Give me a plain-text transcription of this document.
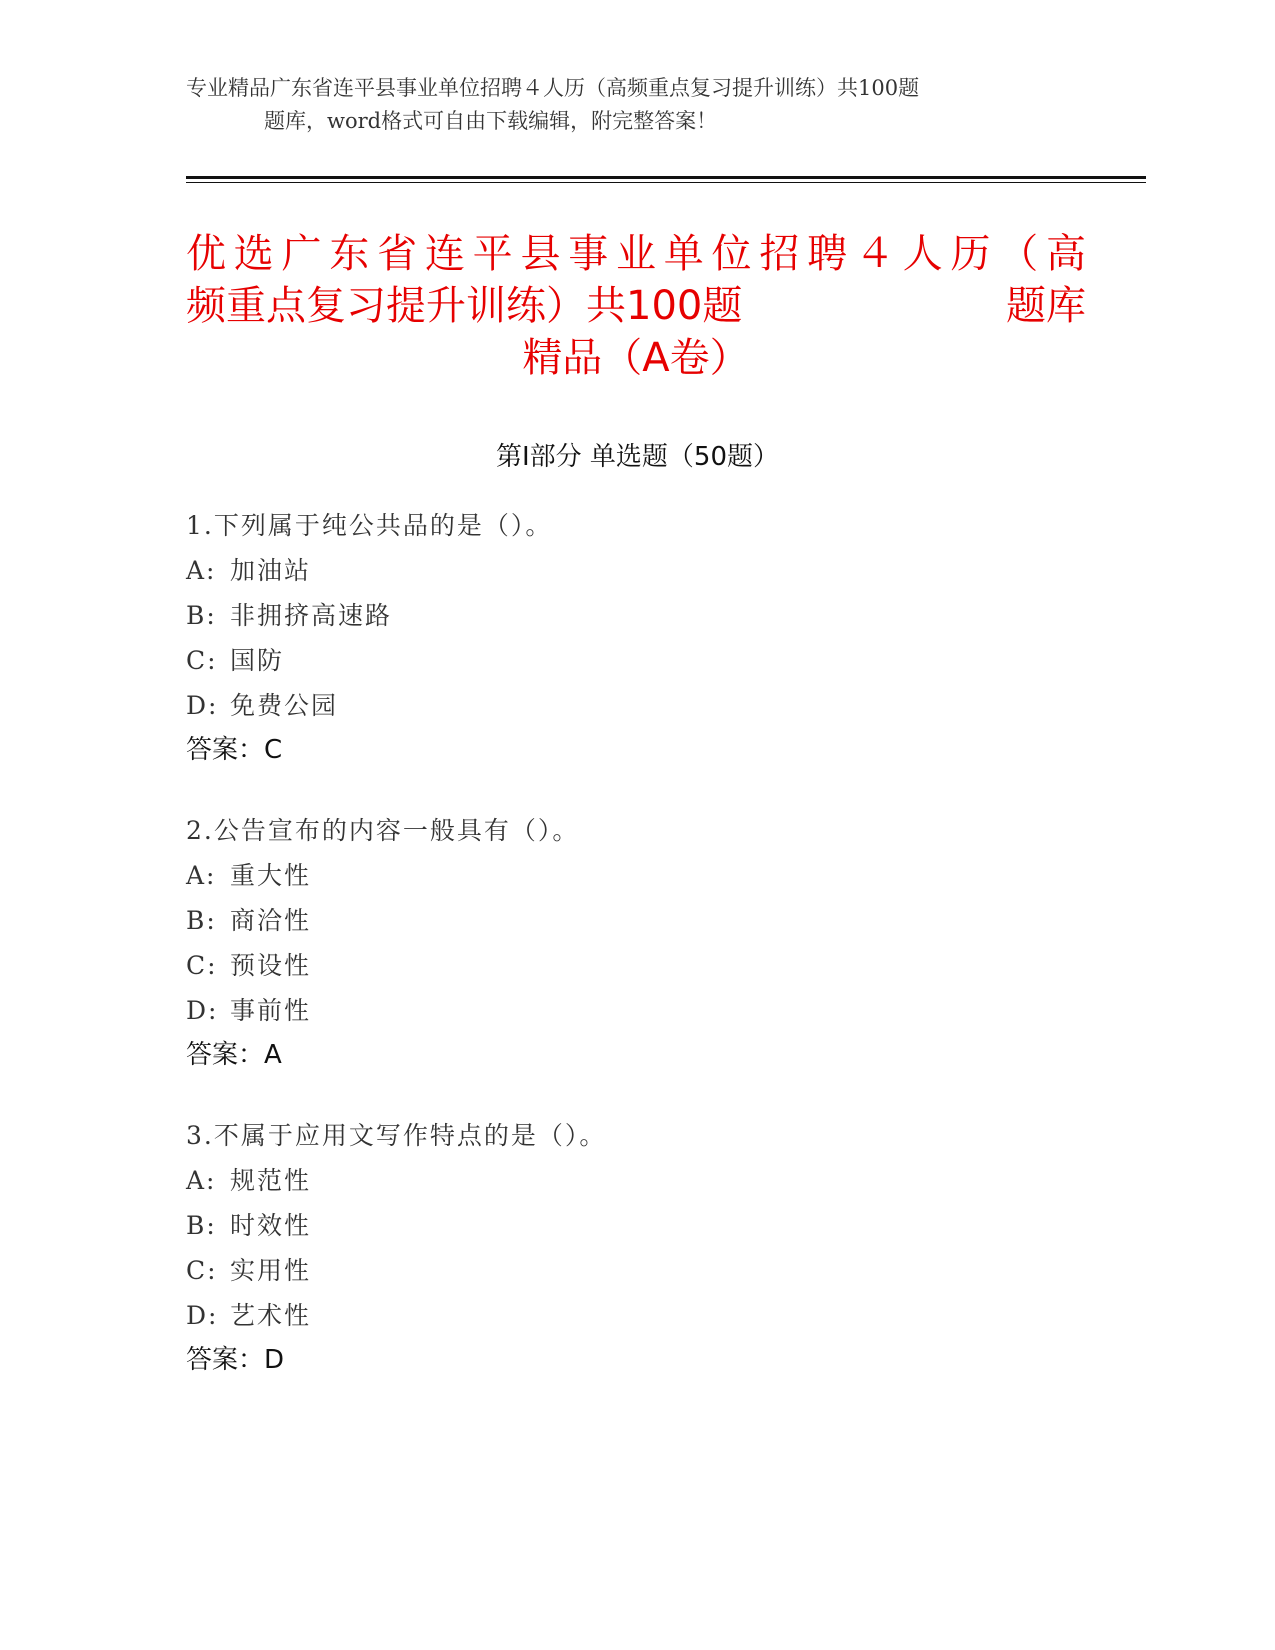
专业精品广东省连平县事业单位招聘４人历（高频重点复习提升训练）共100题
题库，word格式可自由下载编辑，附完整答案！
优选广东省连平县事业单位招聘４人历（高
频重点复习提升训练）共100题	题库
精品（A卷）
第Ⅰ部分 单选题（50题）
1.下列属于纯公共品的是（）。
A: 加油站
B: 非拥挤高速路
C: 国防
D: 免费公园
答案：C
2.公告宣布的内容一般具有（）。
A: 重大性
B: 商洽性
C: 预设性
D: 事前性
答案：A
3.不属于应用文写作特点的是（）。
A: 规范性
B: 时效性
C: 实用性
D: 艺术性
答案：D
